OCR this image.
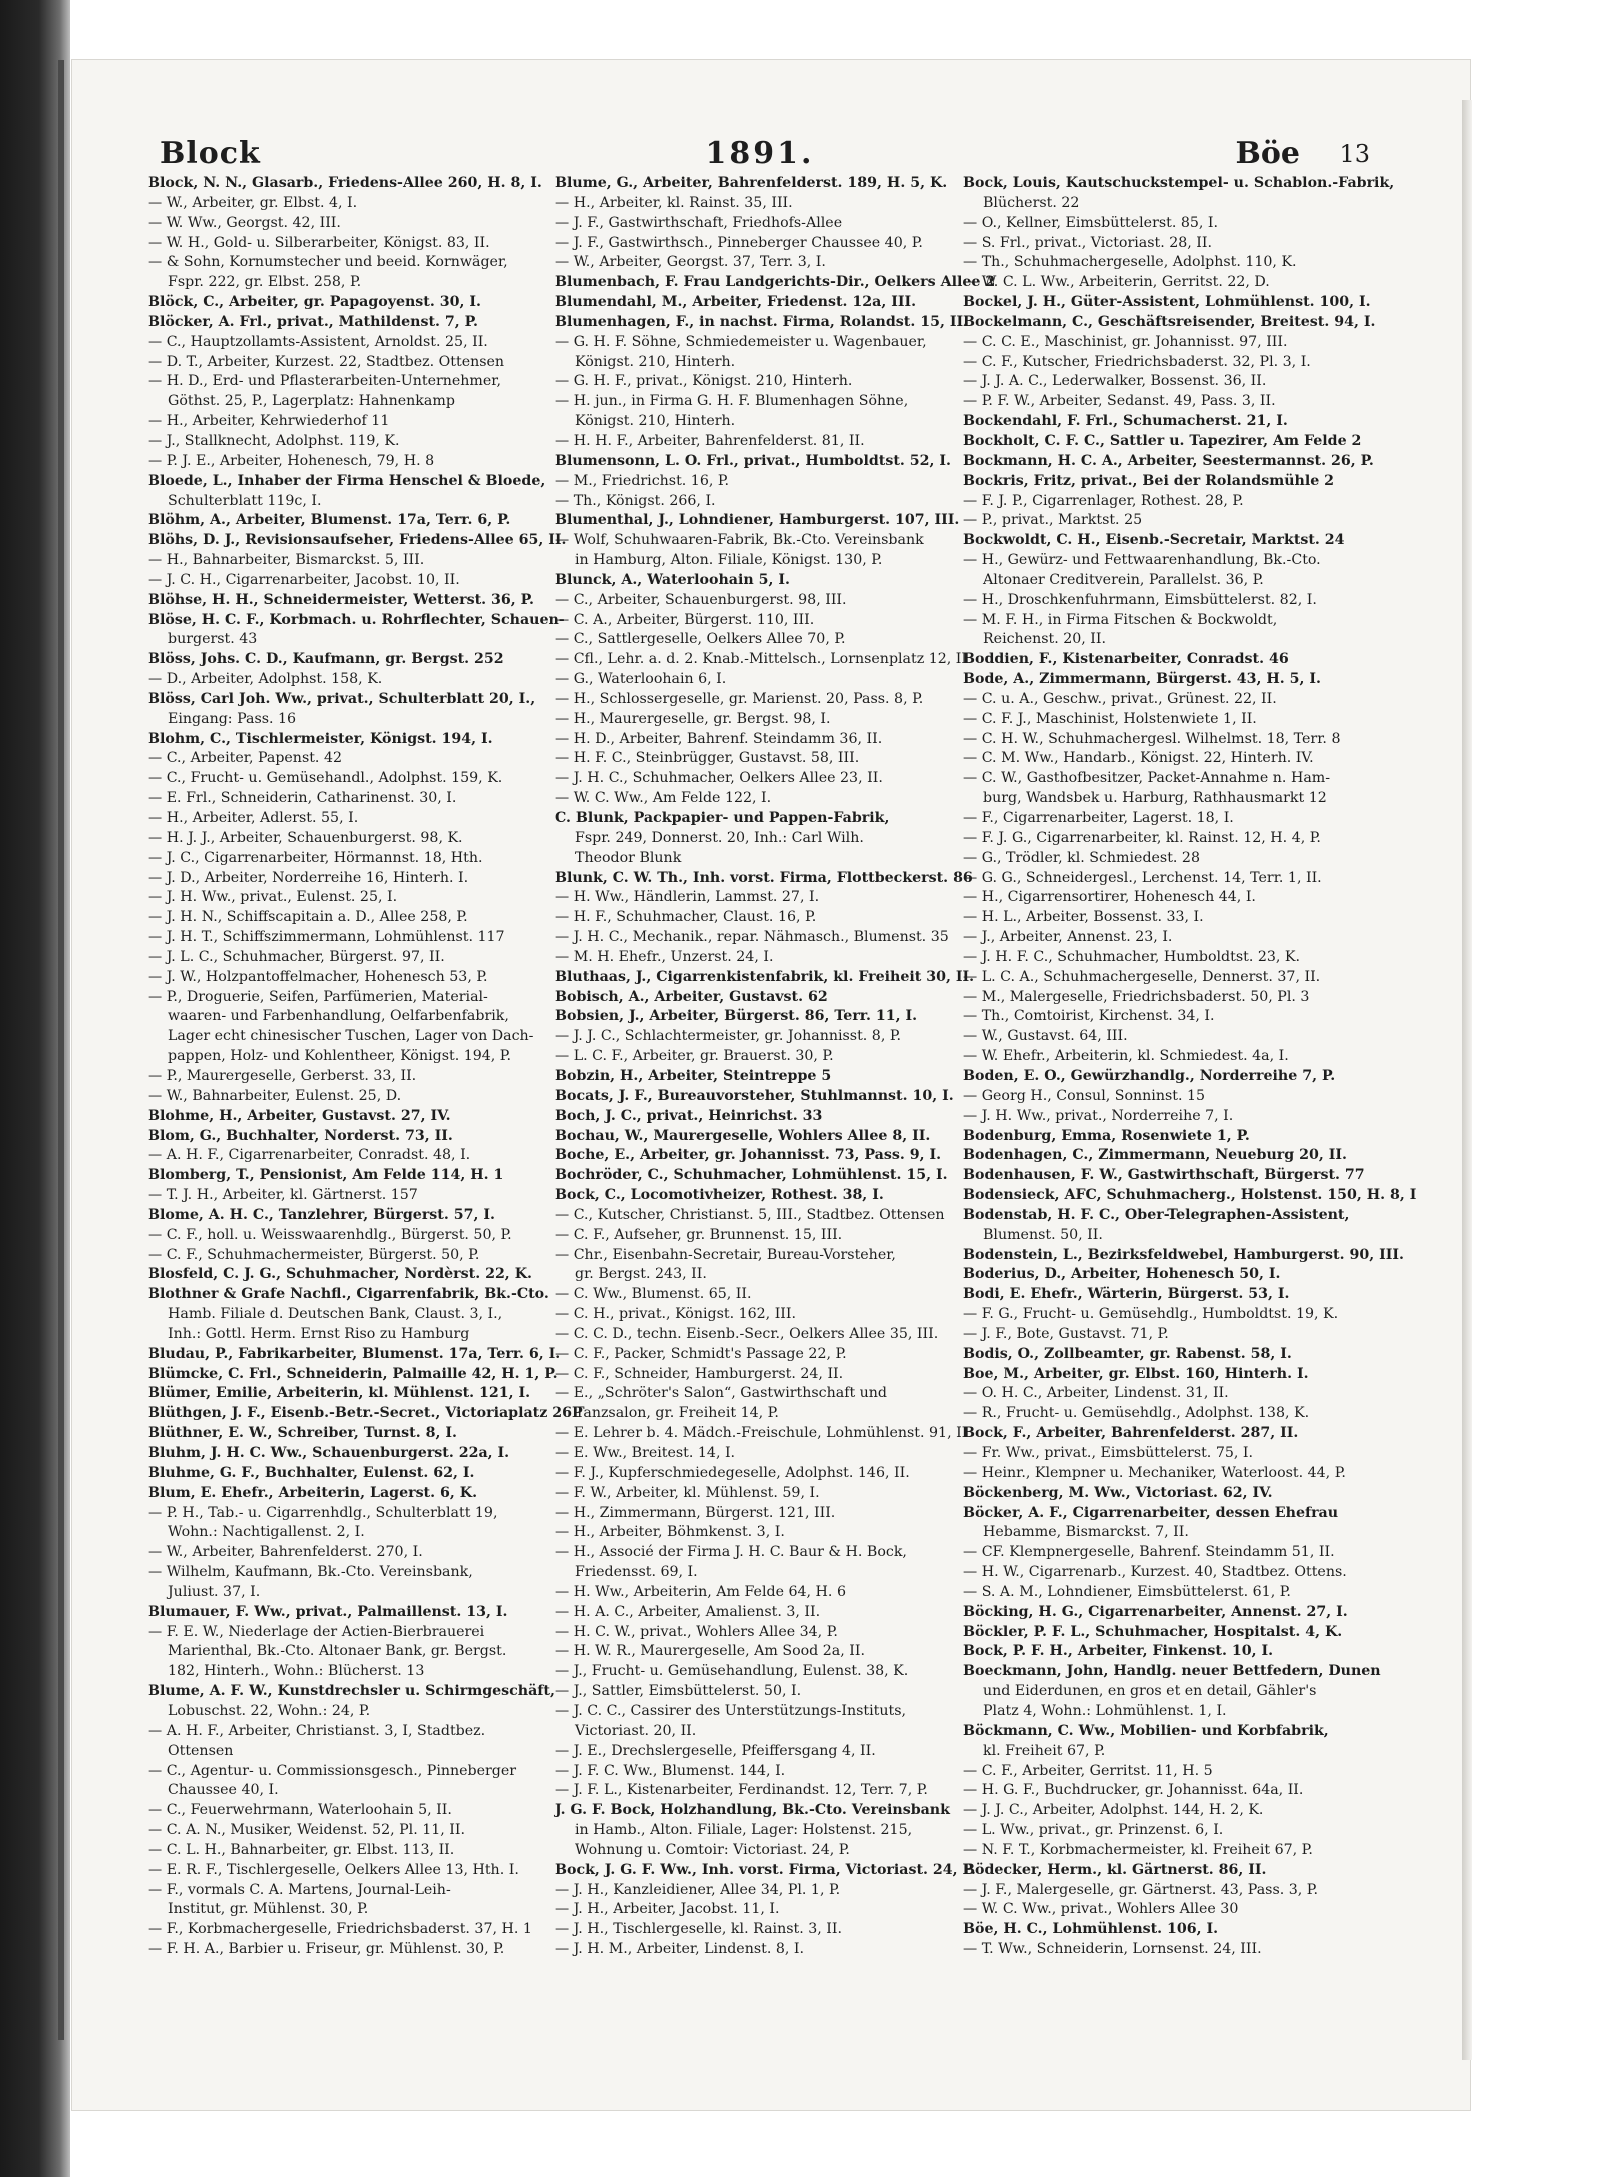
Block	1891.	Böe 13
Block, N. N., Glasarb., Friedens-Allee 260, H. 8, I.
— W., Arbeiter, gr. Elbst. 4, I.
— W. Ww., Georgst. 42, III.
— W. H., Gold- u. Silberarbeiter, Königst. 83, II.
— & Sohn, Kornumstecher und beeid. Kornwäger,
Fspr. 222, gr. Elbst. 258, P.
Blöck, C., Arbeiter, gr. Papagoyenst. 30, I.
Blöcker, A. Frl., privat., Mathildenst. 7, P.
— C., Hauptzollamts-Assistent, Arnoldst. 25, II.
— D. T., Arbeiter, Kurzest. 22, Stadtbez. Ottensen
— H. D., Erd- und Pflasterarbeiten-Unternehmer,
Göthst. 25, P., Lagerplatz: Hahnenkamp
— H., Arbeiter, Kehrwiederhof 11
— J., Stallknecht, Adolphst. 119, K.
— P. J. E., Arbeiter, Hohenesch, 79, H. 8
Bloede, L., Inhaber der Firma Henschel & Bloede,
Schulterblatt 119c, I.
Blöhm, A., Arbeiter, Blumenst. 17a, Terr. 6, P.
Blöhs, D. J., Revisionsaufseher, Friedens-Allee 65, II.
— H., Bahnarbeiter, Bismarckst. 5, III.
— J. C. H., Cigarrenarbeiter, Jacobst. 10, II.
Blöhse, H. H., Schneidermeister, Wetterst. 36, P.
Blöse, H. C. F., Korbmach. u. Rohrflechter, Schauen-
burgerst. 43
Blöss, Johs. C. D., Kaufmann, gr. Bergst. 252
— D., Arbeiter, Adolphst. 158, K.
Blöss, Carl Joh. Ww., privat., Schulterblatt 20, I.,
Eingang: Pass. 16
Blohm, C., Tischlermeister, Königst. 194, I.
— C., Arbeiter, Papenst. 42
— C., Frucht- u. Gemüsehandl., Adolphst. 159, K.
— E. Frl., Schneiderin, Catharinenst. 30, I.
— H., Arbeiter, Adlerst. 55, I.
— H. J. J., Arbeiter, Schauenburgerst. 98, K.
— J. C., Cigarrenarbeiter, Hörmannst. 18, Hth.
— J. D., Arbeiter, Norderreihe 16, Hinterh. I.
— J. H. Ww., privat., Eulenst. 25, I.
— J. H. N., Schiffscapitain a. D., Allee 258, P.
— J. H. T., Schiffszimmermann, Lohmühlenst. 117
— J. L. C., Schuhmacher, Bürgerst. 97, II.
— J. W., Holzpantoffelmacher, Hohenesch 53, P.
— P., Droguerie, Seifen, Parfümerien, Material-
waaren- und Farbenhandlung, Oelfarbenfabrik,
Lager echt chinesischer Tuschen, Lager von Dach-
pappen, Holz- und Kohlentheer, Königst. 194, P.
— P., Maurergeselle, Gerberst. 33, II.
— W., Bahnarbeiter, Eulenst. 25, D.
Blohme, H., Arbeiter, Gustavst. 27, IV.
Blom, G., Buchhalter, Norderst. 73, II.
— A. H. F., Cigarrenarbeiter, Conradst. 48, I.
Blomberg, T., Pensionist, Am Felde 114, H. 1
— T. J. H., Arbeiter, kl. Gärtnerst. 157
Blome, A. H. C., Tanzlehrer, Bürgerst. 57, I.
— C. F., holl. u. Weisswaarenhdlg., Bürgerst. 50, P.
— C. F., Schuhmachermeister, Bürgerst. 50, P.
Blosfeld, C. J. G., Schuhmacher, Nordèrst. 22, K.
Blothner & Grafe Nachfl., Cigarrenfabrik, Bk.-Cto.
Hamb. Filiale d. Deutschen Bank, Claust. 3, I.,
Inh.: Gottl. Herm. Ernst Riso zu Hamburg
Bludau, P., Fabrikarbeiter, Blumenst. 17a, Terr. 6, I.
Blümcke, C. Frl., Schneiderin, Palmaille 42, H. 1, P.
Blümer, Emilie, Arbeiterin, kl. Mühlenst. 121, I.
Blüthgen, J. F., Eisenb.-Betr.-Secret., Victoriaplatz 26P
Blüthner, E. W., Schreiber, Turnst. 8, I.
Bluhm, J. H. C. Ww., Schauenburgerst. 22a, I.
Bluhme, G. F., Buchhalter, Eulenst. 62, I.
Blum, E. Ehefr., Arbeiterin, Lagerst. 6, K.
— P. H., Tab.- u. Cigarrenhdlg., Schulterblatt 19,
Wohn.: Nachtigallenst. 2, I.
— W., Arbeiter, Bahrenfelderst. 270, I.
— Wilhelm, Kaufmann, Bk.-Cto. Vereinsbank,
Juliust. 37, I.
Blumauer, F. Ww., privat., Palmaillenst. 13, I.
— F. E. W., Niederlage der Actien-Bierbrauerei
Marienthal, Bk.-Cto. Altonaer Bank, gr. Bergst.
182, Hinterh., Wohn.: Blücherst. 13
Blume, A. F. W., Kunstdrechsler u. Schirmgeschäft,
Lobuschst. 22, Wohn.: 24, P.
— A. H. F., Arbeiter, Christianst. 3, I, Stadtbez.
Ottensen
— C., Agentur- u. Commissionsgesch., Pinneberger
Chaussee 40, I.
— C., Feuerwehrmann, Waterloohain 5, II.
— C. A. N., Musiker, Weidenst. 52, Pl. 11, II.
— C. L. H., Bahnarbeiter, gr. Elbst. 113, II.
— E. R. F., Tischlergeselle, Oelkers Allee 13, Hth. I.
— F., vormals C. A. Martens, Journal-Leih-
Institut, gr. Mühlenst. 30, P.
— F., Korbmachergeselle, Friedrichsbaderst. 37, H. 1
— F. H. A., Barbier u. Friseur, gr. Mühlenst. 30, P.
Blume, G., Arbeiter, Bahrenfelderst. 189, H. 5, K.
— H., Arbeiter, kl. Rainst. 35, III.
— J. F., Gastwirthschaft, Friedhofs-Allee
— J. F., Gastwirthsch., Pinneberger Chaussee 40, P.
— W., Arbeiter, Georgst. 37, Terr. 3, I.
Blumenbach, F. Frau Landgerichts-Dir., Oelkers Allee 2
Blumendahl, M., Arbeiter, Friedenst. 12a, III.
Blumenhagen, F., in nachst. Firma, Rolandst. 15, II.
— G. H. F. Söhne, Schmiedemeister u. Wagenbauer,
Königst. 210, Hinterh.
— G. H. F., privat., Königst. 210, Hinterh.
— H. jun., in Firma G. H. F. Blumenhagen Söhne,
Königst. 210, Hinterh.
— H. H. F., Arbeiter, Bahrenfelderst. 81, II.
Blumensonn, L. O. Frl., privat., Humboldtst. 52, I.
— M., Friedrichst. 16, P.
— Th., Königst. 266, I.
Blumenthal, J., Lohndiener, Hamburgerst. 107, III.
— Wolf, Schuhwaaren-Fabrik, Bk.-Cto. Vereinsbank
in Hamburg, Alton. Filiale, Königst. 130, P.
Blunck, A., Waterloohain 5, I.
— C., Arbeiter, Schauenburgerst. 98, III.
— C. A., Arbeiter, Bürgerst. 110, III.
— C., Sattlergeselle, Oelkers Allee 70, P.
— Cfl., Lehr. a. d. 2. Knab.-Mittelsch., Lornsenplatz 12, II
— G., Waterloohain 6, I.
— H., Schlossergeselle, gr. Marienst. 20, Pass. 8, P.
— H., Maurergeselle, gr. Bergst. 98, I.
— H. D., Arbeiter, Bahrenf. Steindamm 36, II.
— H. F. C., Steinbrügger, Gustavst. 58, III.
— J. H. C., Schuhmacher, Oelkers Allee 23, II.
— W. C. Ww., Am Felde 122, I.
C. Blunk, Packpapier- und Pappen-Fabrik,
Fspr. 249, Donnerst. 20, Inh.: Carl Wilh.
Theodor Blunk
Blunk, C. W. Th., Inh. vorst. Firma, Flottbeckerst. 86
— H. Ww., Händlerin, Lammst. 27, I.
— H. F., Schuhmacher, Claust. 16, P.
— J. H. C., Mechanik., repar. Nähmasch., Blumenst. 35
— M. H. Ehefr., Unzerst. 24, I.
Bluthaas, J., Cigarrenkistenfabrik, kl. Freiheit 30, II.
Bobisch, A., Arbeiter, Gustavst. 62
Bobsien, J., Arbeiter, Bürgerst. 86, Terr. 11, I.
— J. J. C., Schlachtermeister, gr. Johannisst. 8, P.
— L. C. F., Arbeiter, gr. Brauerst. 30, P.
Bobzin, H., Arbeiter, Steintreppe 5
Bocats, J. F., Bureauvorsteher, Stuhlmannst. 10, I.
Boch, J. C., privat., Heinrichst. 33
Bochau, W., Maurergeselle, Wohlers Allee 8, II.
Boche, E., Arbeiter, gr. Johannisst. 73, Pass. 9, I.
Bochröder, C., Schuhmacher, Lohmühlenst. 15, I.
Bock, C., Locomotivheizer, Rothest. 38, I.
— C., Kutscher, Christianst. 5, III., Stadtbez. Ottensen
— C. F., Aufseher, gr. Brunnenst. 15, III.
— Chr., Eisenbahn-Secretair, Bureau-Vorsteher,
gr. Bergst. 243, II.
— C. Ww., Blumenst. 65, II.
— C. H., privat., Königst. 162, III.
— C. C. D., techn. Eisenb.-Secr., Oelkers Allee 35, III.
— C. F., Packer, Schmidt's Passage 22, P.
— C. F., Schneider, Hamburgerst. 24, II.
— E., „Schröter's Salon“, Gastwirthschaft und
Tanzsalon, gr. Freiheit 14, P.
— E. Lehrer b. 4. Mädch.-Freischule, Lohmühlenst. 91, II
— E. Ww., Breitest. 14, I.
— F. J., Kupferschmiedegeselle, Adolphst. 146, II.
— F. W., Arbeiter, kl. Mühlenst. 59, I.
— H., Zimmermann, Bürgerst. 121, III.
— H., Arbeiter, Böhmkenst. 3, I.
— H., Associé der Firma J. H. C. Baur & H. Bock,
Friedensst. 69, I.
— H. Ww., Arbeiterin, Am Felde 64, H. 6
— H. A. C., Arbeiter, Amalienst. 3, II.
— H. C. W., privat., Wohlers Allee 34, P.
— H. W. R., Maurergeselle, Am Sood 2a, II.
— J., Frucht- u. Gemüsehandlung, Eulenst. 38, K.
— J., Sattler, Eimsbüttelerst. 50, I.
— J. C. C., Cassirer des Unterstützungs-Instituts,
Victoriast. 20, II.
— J. E., Drechslergeselle, Pfeiffersgang 4, II.
— J. F. C. Ww., Blumenst. 144, I.
— J. F. L., Kistenarbeiter, Ferdinandst. 12, Terr. 7, P.
J. G. F. Bock, Holzhandlung, Bk.-Cto. Vereinsbank
in Hamb., Alton. Filiale, Lager: Holstenst. 215,
Wohnung u. Comtoir: Victoriast. 24, P.
Bock, J. G. F. Ww., Inh. vorst. Firma, Victoriast. 24, P.
— J. H., Kanzleidiener, Allee 34, Pl. 1, P.
— J. H., Arbeiter, Jacobst. 11, I.
— J. H., Tischlergeselle, kl. Rainst. 3, II.
— J. H. M., Arbeiter, Lindenst. 8, I.
Bock, Louis, Kautschuckstempel- u. Schablon.-Fabrik,
Blücherst. 22
— O., Kellner, Eimsbüttelerst. 85, I.
— S. Frl., privat., Victoriast. 28, II.
— Th., Schuhmachergeselle, Adolphst. 110, K.
— W. C. L. Ww., Arbeiterin, Gerritst. 22, D.
Bockel, J. H., Güter-Assistent, Lohmühlenst. 100, I.
Bockelmann, C., Geschäftsreisender, Breitest. 94, I.
— C. C. E., Maschinist, gr. Johannisst. 97, III.
— C. F., Kutscher, Friedrichsbaderst. 32, Pl. 3, I.
— J. J. A. C., Lederwalker, Bossenst. 36, II.
— P. F. W., Arbeiter, Sedanst. 49, Pass. 3, II.
Bockendahl, F. Frl., Schumacherst. 21, I.
Bockholt, C. F. C., Sattler u. Tapezirer, Am Felde 2
Bockmann, H. C. A., Arbeiter, Seestermannst. 26, P.
Bockris, Fritz, privat., Bei der Rolandsmühle 2
— F. J. P., Cigarrenlager, Rothest. 28, P.
— P., privat., Marktst. 25
Bockwoldt, C. H., Eisenb.-Secretair, Marktst. 24
— H., Gewürz- und Fettwaarenhandlung, Bk.-Cto.
Altonaer Creditverein, Parallelst. 36, P.
— H., Droschkenfuhrmann, Eimsbüttelerst. 82, I.
— M. F. H., in Firma Fitschen & Bockwoldt,
Reichenst. 20, II.
Boddien, F., Kistenarbeiter, Conradst. 46
Bode, A., Zimmermann, Bürgerst. 43, H. 5, I.
— C. u. A., Geschw., privat., Grünest. 22, II.
— C. F. J., Maschinist, Holstenwiete 1, II.
— C. H. W., Schuhmachergesl. Wilhelmst. 18, Terr. 8
— C. M. Ww., Handarb., Königst. 22, Hinterh. IV.
— C. W., Gasthofbesitzer, Packet-Annahme n. Ham-
burg, Wandsbek u. Harburg, Rathhausmarkt 12
— F., Cigarrenarbeiter, Lagerst. 18, I.
— F. J. G., Cigarrenarbeiter, kl. Rainst. 12, H. 4, P.
— G., Trödler, kl. Schmiedest. 28
— G. G., Schneidergesl., Lerchenst. 14, Terr. 1, II.
— H., Cigarrensortirer, Hohenesch 44, I.
— H. L., Arbeiter, Bossenst. 33, I.
— J., Arbeiter, Annenst. 23, I.
— J. H. F. C., Schuhmacher, Humboldtst. 23, K.
— L. C. A., Schuhmachergeselle, Dennerst. 37, II.
— M., Malergeselle, Friedrichsbaderst. 50, Pl. 3
— Th., Comtoirist, Kirchenst. 34, I.
— W., Gustavst. 64, III.
— W. Ehefr., Arbeiterin, kl. Schmiedest. 4a, I.
Boden, E. O., Gewürzhandlg., Norderreihe 7, P.
— Georg H., Consul, Sonninst. 15
— J. H. Ww., privat., Norderreihe 7, I.
Bodenburg, Emma, Rosenwiete 1, P.
Bodenhagen, C., Zimmermann, Neueburg 20, II.
Bodenhausen, F. W., Gastwirthschaft, Bürgerst. 77
Bodensieck, AFC, Schuhmacherg., Holstenst. 150, H. 8, I
Bodenstab, H. F. C., Ober-Telegraphen-Assistent,
Blumenst. 50, II.
Bodenstein, L., Bezirksfeldwebel, Hamburgerst. 90, III.
Boderius, D., Arbeiter, Hohenesch 50, I.
Bodi, E. Ehefr., Wärterin, Bürgerst. 53, I.
— F. G., Frucht- u. Gemüsehdlg., Humboldtst. 19, K.
— J. F., Bote, Gustavst. 71, P.
Bodis, O., Zollbeamter, gr. Rabenst. 58, I.
Boe, M., Arbeiter, gr. Elbst. 160, Hinterh. I.
— O. H. C., Arbeiter, Lindenst. 31, II.
— R., Frucht- u. Gemüsehdlg., Adolphst. 138, K.
Bock, F., Arbeiter, Bahrenfelderst. 287, II.
— Fr. Ww., privat., Eimsbüttelerst. 75, I.
— Heinr., Klempner u. Mechaniker, Waterloost. 44, P.
Böckenberg, M. Ww., Victoriast. 62, IV.
Böcker, A. F., Cigarrenarbeiter, dessen Ehefrau
Hebamme, Bismarckst. 7, II.
— CF. Klempnergeselle, Bahrenf. Steindamm 51, II.
— H. W., Cigarrenarb., Kurzest. 40, Stadtbez. Ottens.
— S. A. M., Lohndiener, Eimsbüttelerst. 61, P.
Böcking, H. G., Cigarrenarbeiter, Annenst. 27, I.
Böckler, P. F. L., Schuhmacher, Hospitalst. 4, K.
Bock, P. F. H., Arbeiter, Finkenst. 10, I.
Boeckmann, John, Handlg. neuer Bettfedern, Dunen
und Eiderdunen, en gros et en detail, Gähler's
Platz 4, Wohn.: Lohmühlenst. 1, I.
Böckmann, C. Ww., Mobilien- und Korbfabrik,
kl. Freiheit 67, P.
— C. F., Arbeiter, Gerritst. 11, H. 5
— H. G. F., Buchdrucker, gr. Johannisst. 64a, II.
— J. J. C., Arbeiter, Adolphst. 144, H. 2, K.
— L. Ww., privat., gr. Prinzenst. 6, I.
— N. F. T., Korbmachermeister, kl. Freiheit 67, P.
Bödecker, Herm., kl. Gärtnerst. 86, II.
— J. F., Malergeselle, gr. Gärtnerst. 43, Pass. 3, P.
— W. C. Ww., privat., Wohlers Allee 30
Böe, H. C., Lohmühlenst. 106, I.
— T. Ww., Schneiderin, Lornsenst. 24, III.
